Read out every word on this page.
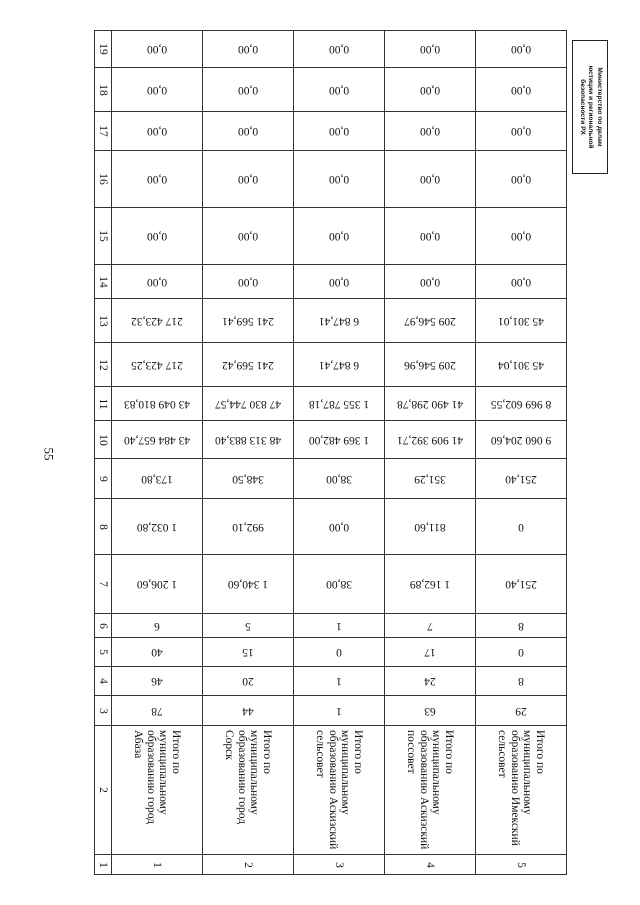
55
Министерство по делам
юстиции и региональной
безопасности РХ
19	0,00	0,00	0,00	0,00	0,00

18	0,00	0,00	0,00	0,00	0,00

17	0,00	0,00	0,00	0,00	0,00

16	0,00	0,00	0,00	0,00	0,00

15	0,00	0,00	0,00	0,00	0,00

14	0,00	0,00	0,00	0,00	0,00

13	217 423,32	241 569,41	6 847,41	209 546,97	45 301,01

12	217 423,25	241 569,42	6 847,41	209 546,96	45 301,04

11	43 049 810,83	47 830 744,57	1 355 787,18	41 490 298,78	8 969 602,55

10	43 484 657,40	48 313 883,40	1 369 482,00	41 909 392,71	9 060 204,60

9	173,80	348,50	38,00	351,29	251,40

8	1 032,80	992,10	0,00	811,60	0

7	1 206,60	1 340,60	38,00	1 162,89	251,40

6	6	5	1	7	8

5	40	15	0	17	0

4	46	20	1	24	8

3	78	44	1	63	29

2	Итого по муниципальному образованию город Абаза	Итого по муниципальному образованию город Сорск	Итого по муниципальному образованию Аскизский сельсовет	Итого по муниципальному образованию Аскизский поссовет	Итого по муниципальному образованию Имекский сельсовет

1	1	2	3	4	5
